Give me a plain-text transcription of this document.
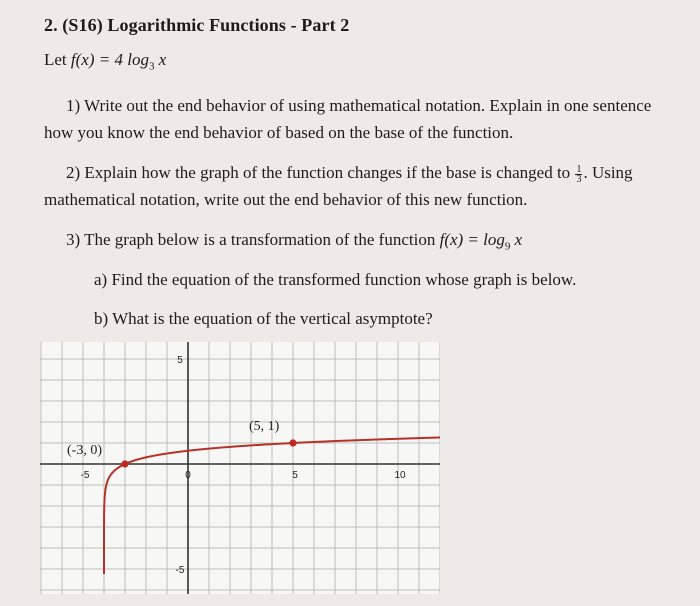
2. (S16) Logarithmic Functions - Part 2
Let f(x) = 4 $\log_3 x$
1) Write out the end behavior of using mathematical notation. Explain in one sentence
how you know the end behavior of based on the base of the function.
2) Explain how the graph of the function changes if the base is changed to $\frac{1}{3}$ . Using
mathematical notation, write out the end behavior of this new function.
3) The graph below is a transformation of the function $f(x) = \log_9 x$
a) Find the equation of the transformed function whose graph is below.
b) What is the equation of the vertical asymptote?
-5	0	5	10
5
-5
(-3, 0)
(5, 1)
